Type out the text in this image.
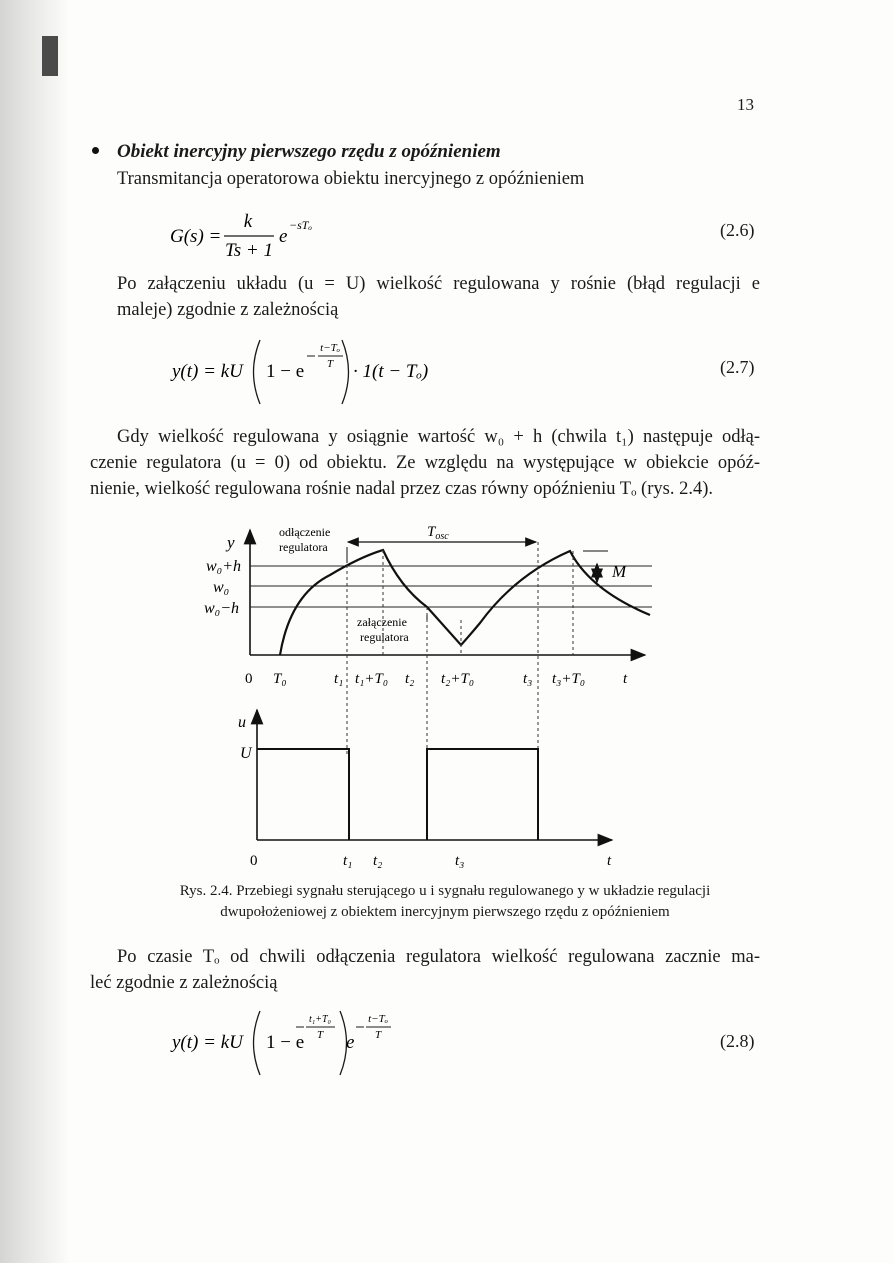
13
Obiekt inercyjny pierwszego rzędu z opóźnieniem
Transmitancja operatorowa obiektu inercyjnego z opóźnieniem
G(s) =
k
Ts + 1
e
−sTₒ	(2.6)
Po załączeniu układu (u = U) wielkość regulowana y rośnie (błąd regulacji e
maleje) zgodnie z zależnością
y(t) = kU 1 − e
t−Tₒ
T · 1(t − Tₒ)	(2.7)
Gdy wielkość regulowana y osiągnie wartość w₀ + h (chwila t₁) następuje odłą-
czenie regulatora (u = 0) od obiektu. Ze względu na występujące w obiekcie opóź-
nienie, wielkość regulowana rośnie nadal przez czas równy opóźnieniu Tₒ (rys. 2.4).
y
w₀+h
w₀
w₀−h
odłączenie
regulatora
$T_{osc}$
M
załączenie
regulatora
0 T₀	t₁ t₁+T₀ t₂ t₂+T₀	t₃ t₃+T₀	t
u
U
0	t₁ t₂	t₃	t
Rys. 2.4. Przebiegi sygnału sterującego u i sygnału regulowanego y w układzie regulacji
dwupołożeniowej z obiektem inercyjnym pierwszego rzędu z opóźnieniem
Po czasie Tₒ od chwili odłączenia regulatora wielkość regulowana zacznie ma-
leć zgodnie z zależnością
y(t) = kU 1 − e
t₁+T₀
T e
t−Tₒ
T	(2.8)
